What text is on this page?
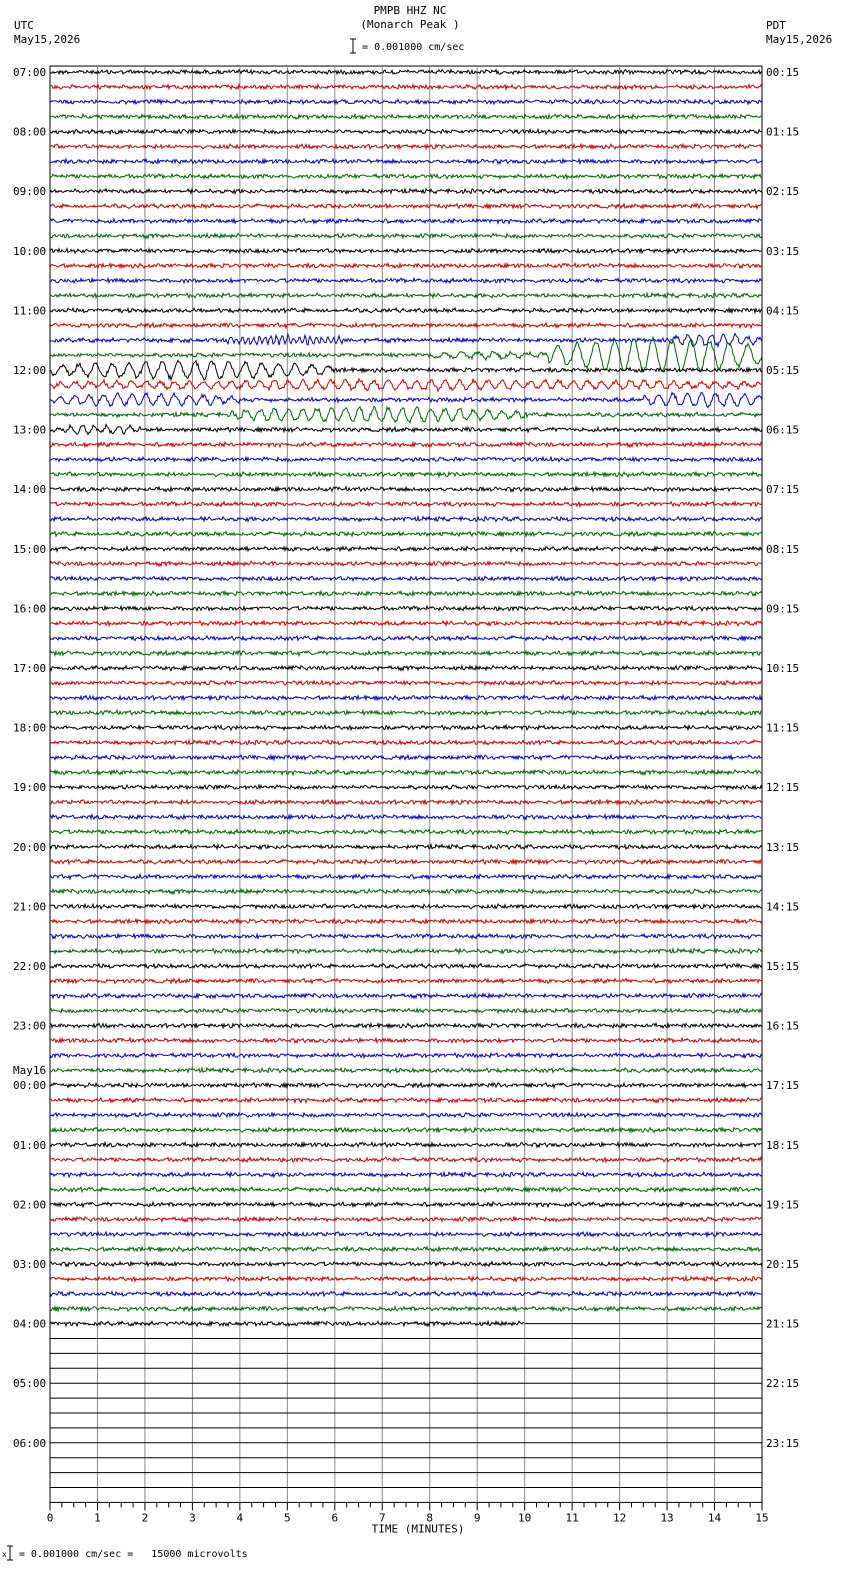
PMPB HHZ NC
(Monarch Peak )
UTC
May15,2026
PDT
May15,2026
= 0.001000 cm/sec
07:00
08:00
09:00
10:00
11:00
12:00
13:00
14:00
15:00
16:00
17:00
18:00
19:00
20:00
21:00
22:00
23:00
00:00
01:00
02:00
03:00
04:00
05:00
06:00
May16
00:15
01:15
02:15
03:15
04:15
05:15
06:15
07:15
08:15
09:15
10:15
11:15
12:15
13:15
14:15
15:15
16:15
17:15
18:15
19:15
20:15
21:15
22:15
23:15
0	1	2	3	4	5	6	7	8	9	10	11	12	13	14	15
TIME (MINUTES)
x = 0.001000 cm/sec =   15000 microvolts
